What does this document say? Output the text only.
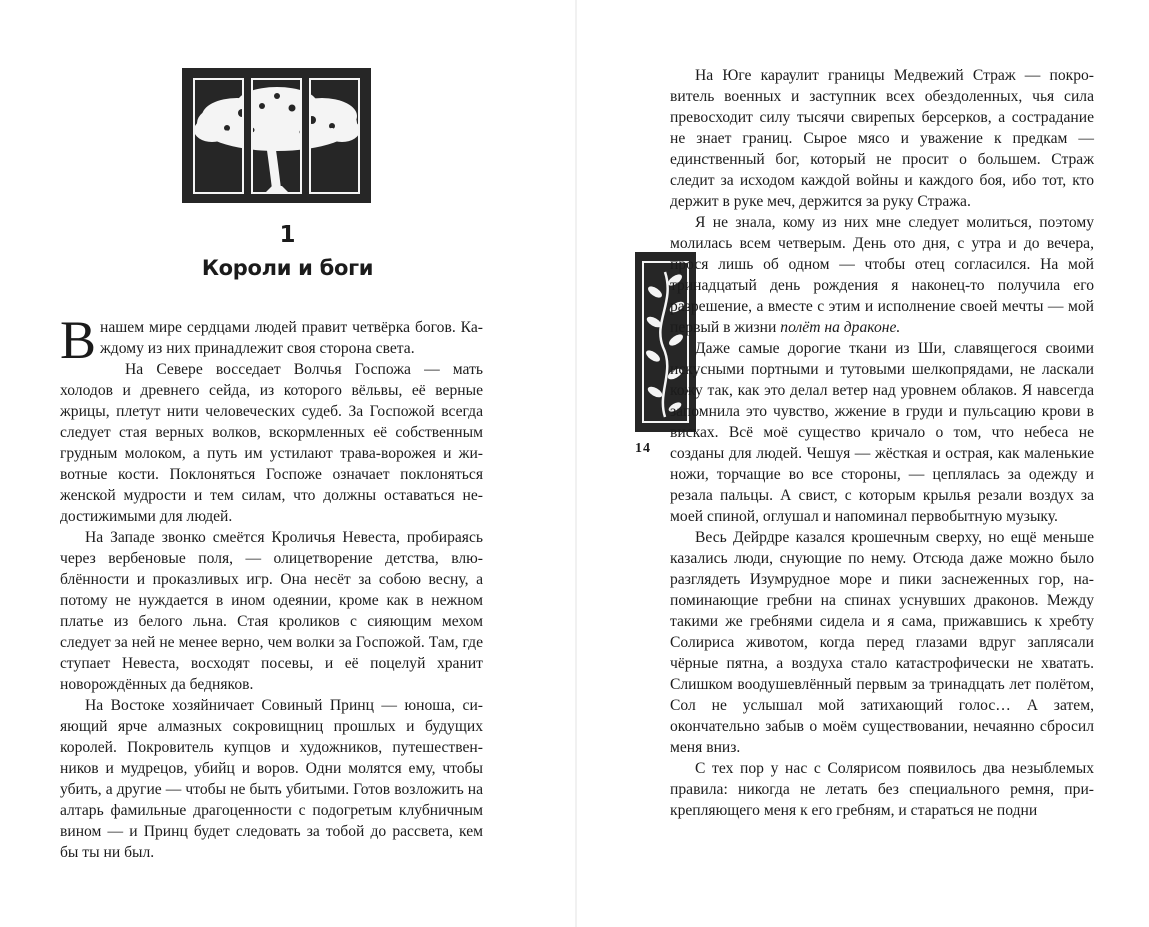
1
Короли и боги

Внашем мире сердцами людей правит четвёрка богов. Каждому из них принадлежит своя сторона света.

На Севере восседает Волчья Госпожа — мать холодов и древнего сейда, из которого вёльвы, её верные жрицы, плетут нити человеческих судеб. За Госпожой всегда следует стая верных волков, вскормленных её собственным грудным молоком, а путь им устилают трава-ворожея и животные кости. Поклоняться Госпоже означает поклоняться женской мудрости и тем силам, что должны оставаться недостижимыми для людей.

На Западе звонко смеётся Кроличья Невеста, пробираясь через вербеновые поля, — олицетворение детства, влюблённости и проказливых игр. Она несёт за собою весну, а потому не нуждается в ином одеянии, кроме как в нежном платье из белого льна. Стая кроликов с сияющим мехом следует за ней не менее верно, чем волки за Госпожой. Там, где ступает Невеста, восходят посевы, и её поцелуй хранит новорождённых да бедняков.

На Востоке хозяйничает Совиный Принц — юноша, сияющий ярче алмазных сокровищниц прошлых и будущих королей. Покровитель купцов и художников, путешественников и мудрецов, убийц и воров. Одни молятся ему, чтобы убить, а другие — чтобы не быть убитыми. Готов возложить на алтарь фамильные драгоценности с подогретым клубничным вином — и Принц будет следовать за тобой до рассвета, кем бы ты ни был.

14

На Юге караулит границы Медвежий Страж — покровитель военных и заступник всех обездоленных, чья сила превосходит силу тысячи свирепых берсерков, а сострадание не знает границ. Сырое мясо и уважение к предкам — единственный бог, который не просит о большем. Страж следит за исходом каждой войны и каждого боя, ибо тот, кто держит в руке меч, держится за руку Стража.

Я не знала, кому из них мне следует молиться, поэтому молилась всем четверым. День ото дня, с утра и до вечера, прося лишь об одном — чтобы отец согласился. На мой тринадцатый день рождения я наконец-то получила его разрешение, а вместе с этим и исполнение своей мечты — мой первый в жизни полёт на драконе.

Даже самые дорогие ткани из Ши, славящегося своими искусными портными и тутовыми шелкопрядами, не ласкали кожу так, как это делал ветер над уровнем облаков. Я навсегда запомнила это чувство, жжение в груди и пульсацию крови в висках. Всё моё существо кричало о том, что небеса не созданы для людей. Чешуя — жёсткая и острая, как маленькие ножи, торчащие во все стороны, — цеплялась за одежду и резала пальцы. А свист, с которым крылья резали воздух за моей спиной, оглушал и напоминал первобытную музыку.

Весь Дейрдре казался крошечным сверху, но ещё меньше казались люди, снующие по нему. Отсюда даже можно было разглядеть Изумрудное море и пики заснеженных гор, напоминающие гребни на спинах уснувших драконов. Между такими же гребнями сидела и я сама, прижавшись к хребту Солириса животом, когда перед глазами вдруг заплясали чёрные пятна, а воздуха стало катастрофически не хватать. Слишком воодушевлённый первым за тринадцать лет полётом, Сол не услышал мой затихающий голос… А затем, окончательно забыв о моём существовании, нечаянно сбросил меня вниз.

С тех пор у нас с Солярисом появилось два незыблемых правила: никогда не летать без специального ремня, прикрепляющего меня к его гребням, и стараться не подни
